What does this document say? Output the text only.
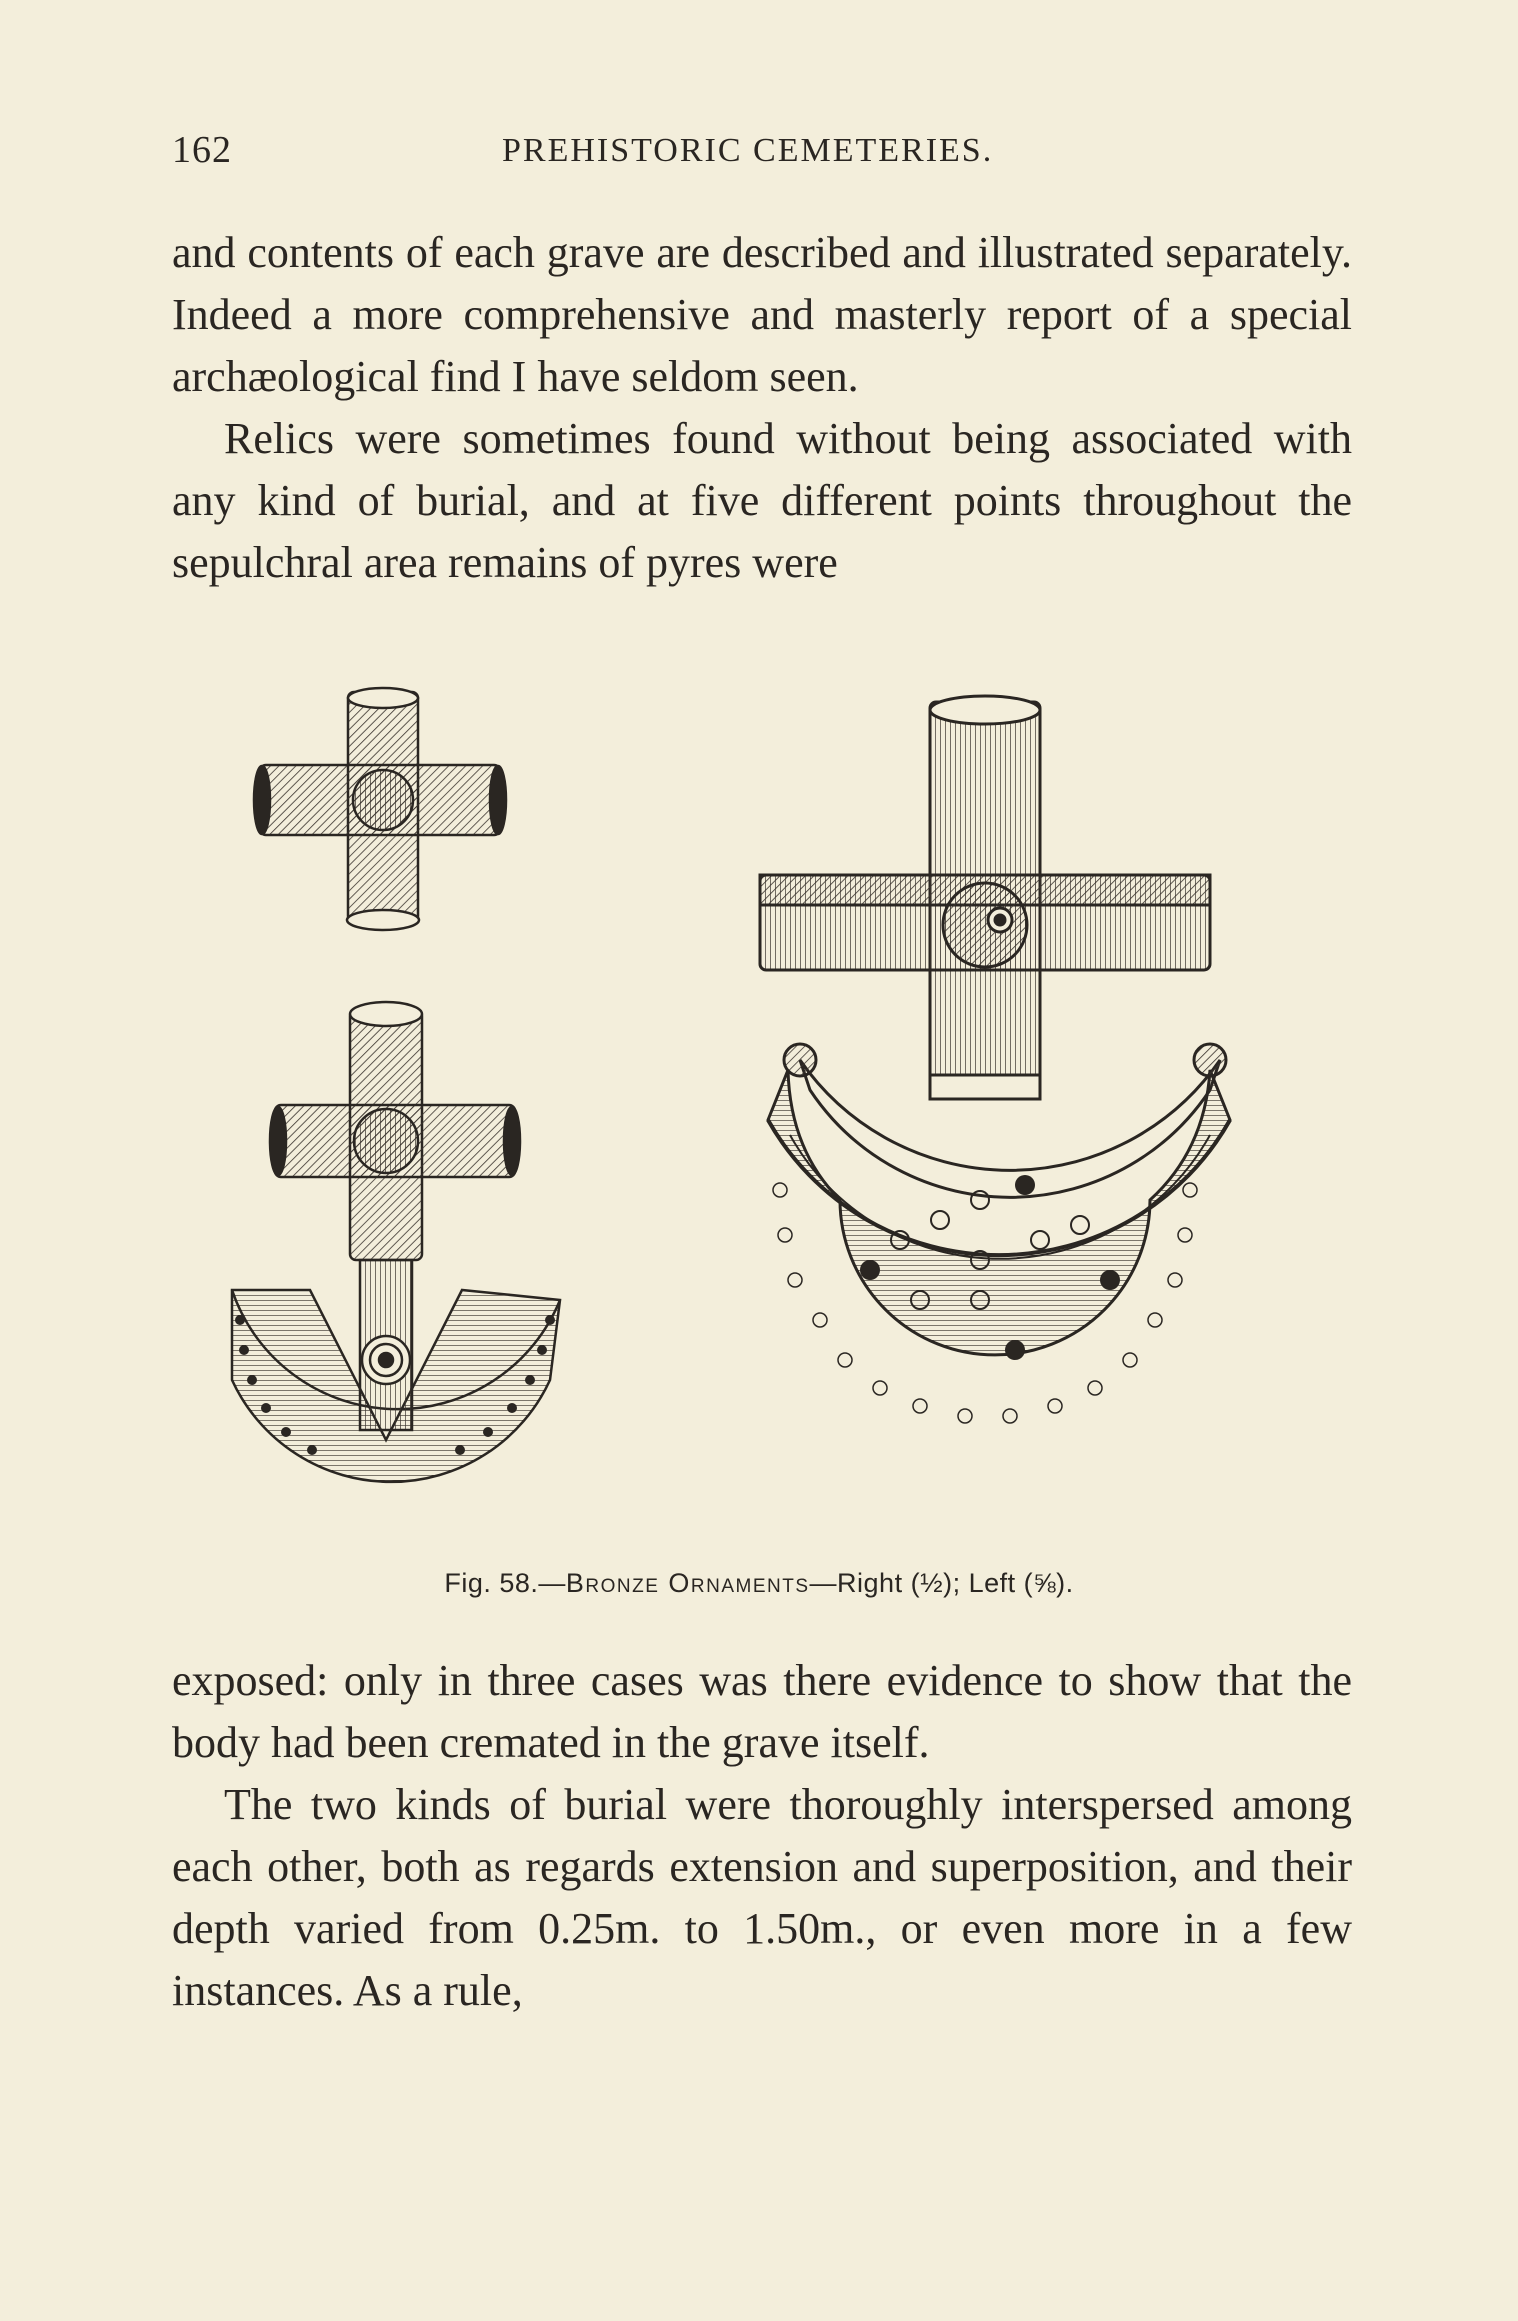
162	PREHISTORIC CEMETERIES.

and contents of each grave are described and illustrated separately. Indeed a more comprehensive and masterly report of a special archæological find I have seldom seen.

Relics were sometimes found without being associated with any kind of burial, and at five different points throughout the sepulchral area remains of pyres were

Fig. 58.—Bronze Ornaments—Right (½); Left (⅝).

exposed: only in three cases was there evidence to show that the body had been cremated in the grave itself.

The two kinds of burial were thoroughly interspersed among each other, both as regards extension and superposition, and their depth varied from 0.25m. to 1.50m., or even more in a few instances. As a rule,
